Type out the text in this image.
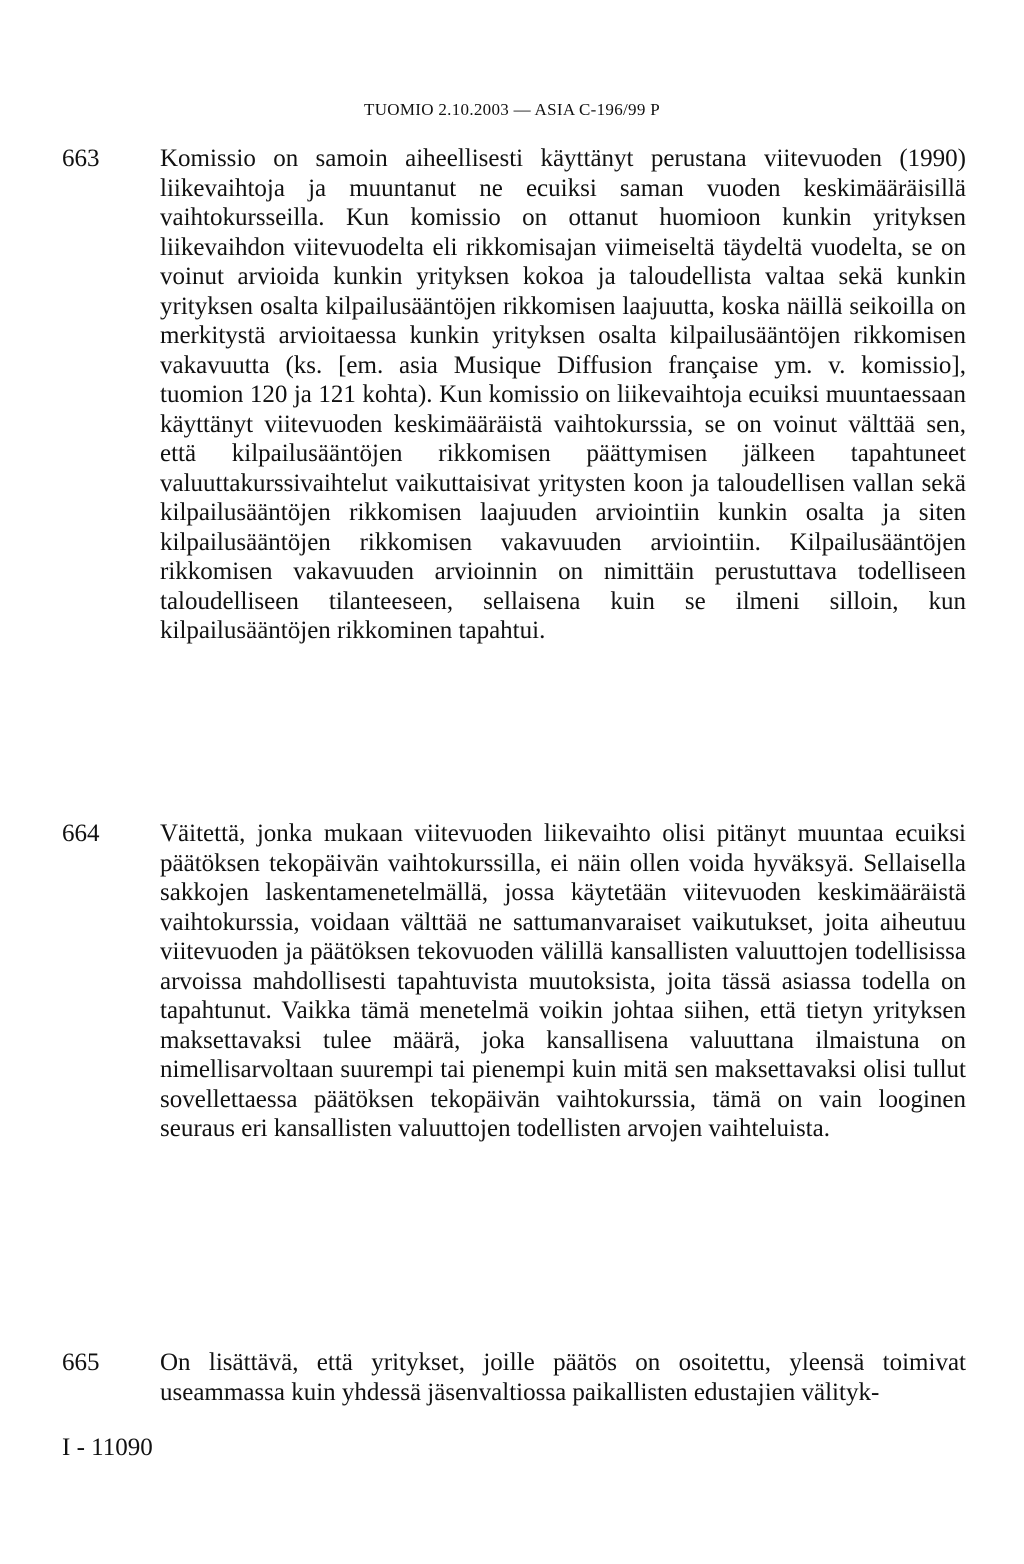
TUOMIO 2.10.2003 — ASIA C-196/99 P
663 Komissio on samoin aiheellisesti käyttänyt perustana viitevuoden (1990) liikevaihtoja ja muuntanut ne ecuiksi saman vuoden keskimääräisillä vaihtokursseilla. Kun komissio on ottanut huomioon kunkin yrityksen liikevaihdon viitevuodelta eli rikkomisajan viimeiseltä täydeltä vuodelta, se on voinut arvioida kunkin yrityksen kokoa ja taloudellista valtaa sekä kunkin yrityksen osalta kilpailusääntöjen rikkomisen laajuutta, koska näillä seikoilla on merkitystä arvioitaessa kunkin yrityksen osalta kilpailusääntöjen rikkomisen vakavuutta (ks. [em. asia Musique Diffusion française ym. v. komissio], tuomion 120 ja 121 kohta). Kun komissio on liikevaihtoja ecuiksi muuntaessaan käyttänyt viitevuoden keskimääräistä vaihtokurssia, se on voinut välttää sen, että kilpailusääntöjen rikkomisen päättymisen jälkeen tapahtuneet valuuttakurssivaihtelut vaikuttaisivat yritysten koon ja taloudellisen vallan sekä kilpailusääntöjen rikkomisen laajuuden arviointiin kunkin osalta ja siten kilpailusääntöjen rikkomisen vakavuuden arviointiin. Kilpailusääntöjen rikkomisen vakavuuden arvioinnin on nimittäin perustuttava todelliseen taloudelliseen tilanteeseen, sellaisena kuin se ilmeni silloin, kun kilpailusääntöjen rikkominen tapahtui.
664 Väitettä, jonka mukaan viitevuoden liikevaihto olisi pitänyt muuntaa ecuiksi päätöksen tekopäivän vaihtokurssilla, ei näin ollen voida hyväksyä. Sellaisella sakkojen laskentamenetelmällä, jossa käytetään viitevuoden keskimääräistä vaihtokurssia, voidaan välttää ne sattumanvaraiset vaikutukset, joita aiheutuu viitevuoden ja päätöksen tekovuoden välillä kansallisten valuuttojen todellisissa arvoissa mahdollisesti tapahtuvista muutoksista, joita tässä asiassa todella on tapahtunut. Vaikka tämä menetelmä voikin johtaa siihen, että tietyn yrityksen maksettavaksi tulee määrä, joka kansallisena valuuttana ilmaistuna on nimellisarvoltaan suurempi tai pienempi kuin mitä sen maksettavaksi olisi tullut sovellettaessa päätöksen tekopäivän vaihtokurssia, tämä on vain looginen seuraus eri kansallisten valuuttojen todellisten arvojen vaihteluista.
665 On lisättävä, että yritykset, joille päätös on osoitettu, yleensä toimivat useammassa kuin yhdessä jäsenvaltiossa paikallisten edustajien välityk-
I - 11090
